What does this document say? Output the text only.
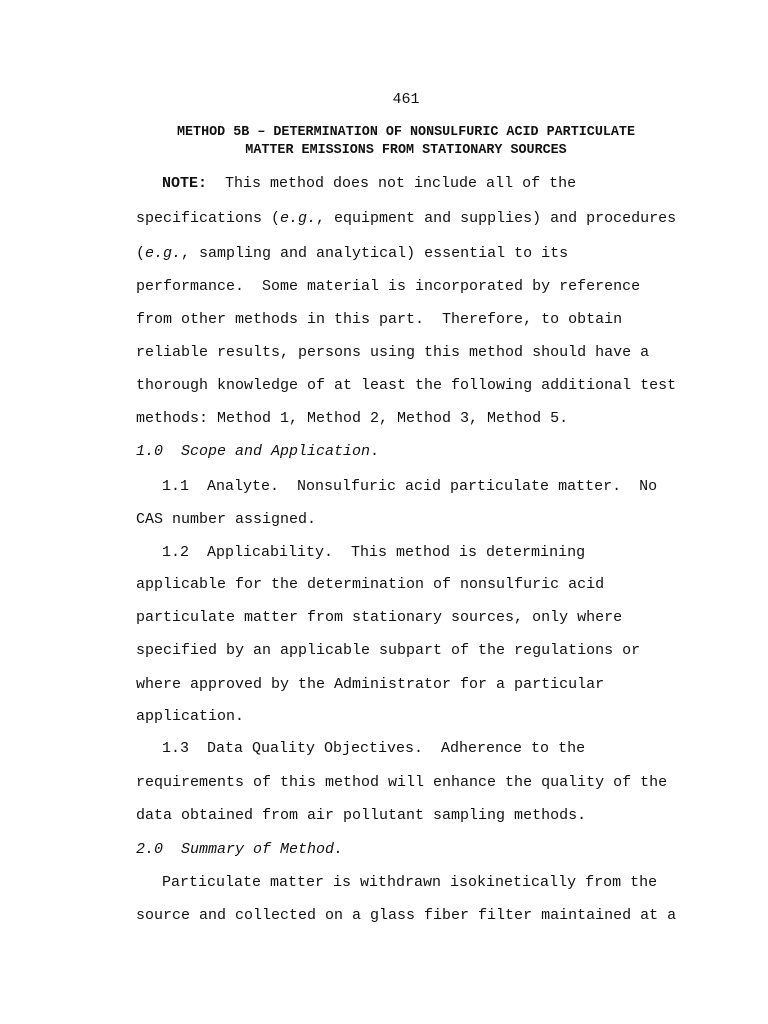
461
METHOD 5B – DETERMINATION OF NONSULFURIC ACID PARTICULATE
MATTER EMISSIONS FROM STATIONARY SOURCES
NOTE:  This method does not include all of the
specifications (e.g., equipment and supplies) and procedures
(e.g., sampling and analytical) essential to its
performance.  Some material is incorporated by reference
from other methods in this part.  Therefore, to obtain
reliable results, persons using this method should have a
thorough knowledge of at least the following additional test
methods: Method 1, Method 2, Method 3, Method 5.
1.0  Scope and Application.
1.1  Analyte.  Nonsulfuric acid particulate matter.  No
CAS number assigned.
1.2  Applicability.  This method is determining
applicable for the determination of nonsulfuric acid
particulate matter from stationary sources, only where
specified by an applicable subpart of the regulations or
where approved by the Administrator for a particular
application.
1.3  Data Quality Objectives.  Adherence to the
requirements of this method will enhance the quality of the
data obtained from air pollutant sampling methods.
2.0  Summary of Method.
Particulate matter is withdrawn isokinetically from the
source and collected on a glass fiber filter maintained at a
